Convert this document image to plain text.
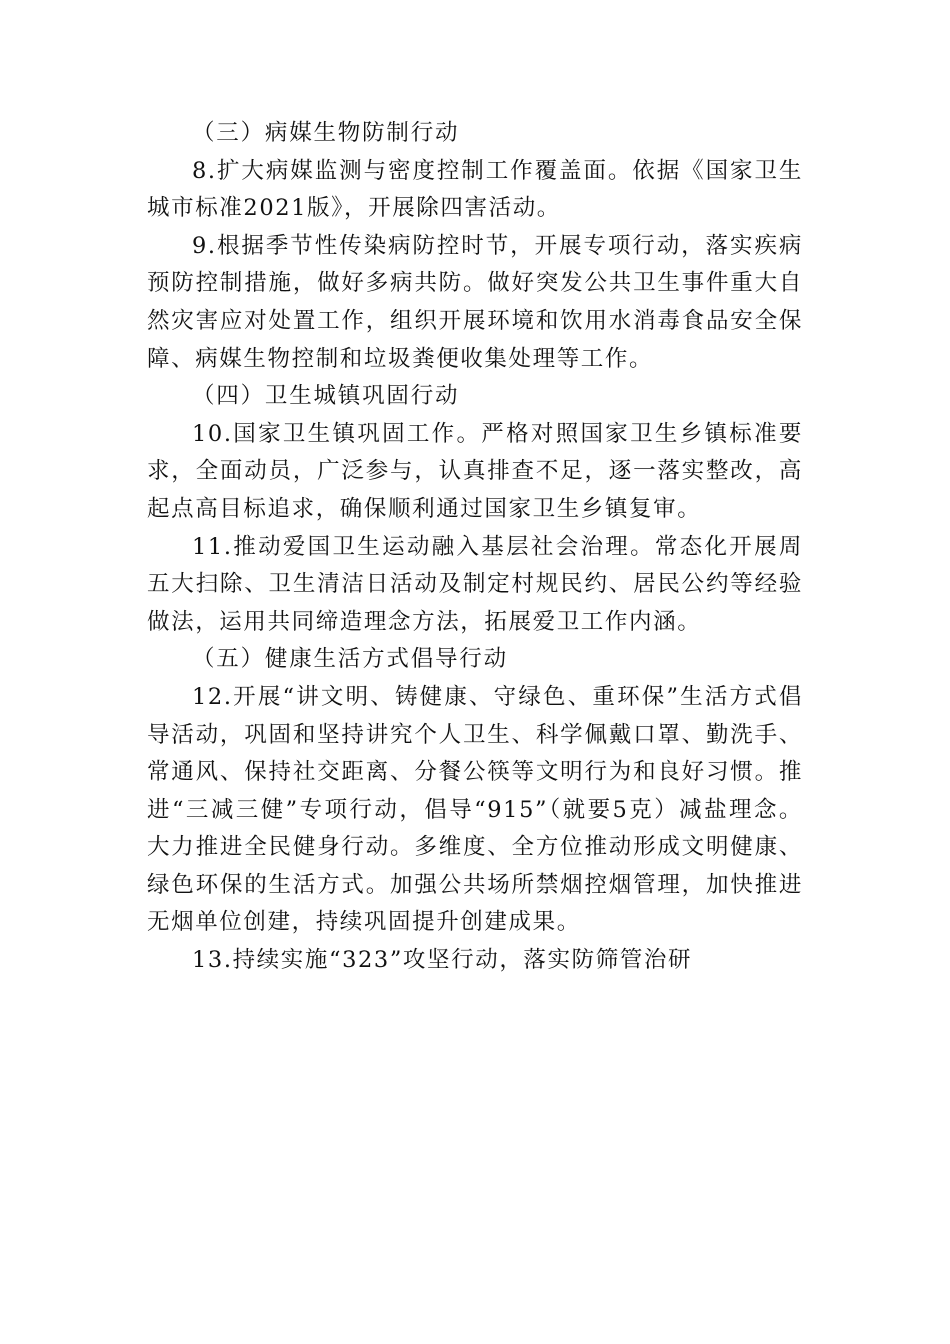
（三）病媒生物防制行动

8.扩大病媒监测与密度控制工作覆盖面。依据《国家卫生城市标准2021版》，开展除四害活动。

9.根据季节性传染病防控时节，开展专项行动，落实疾病预防控制措施，做好多病共防。做好突发公共卫生事件重大自然灾害应对处置工作，组织开展环境和饮用水消毒食品安全保障、病媒生物控制和垃圾粪便收集处理等工作。

（四）卫生城镇巩固行动

10.国家卫生镇巩固工作。严格对照国家卫生乡镇标准要求，全面动员，广泛参与，认真排查不足，逐一落实整改，高起点高目标追求，确保顺利通过国家卫生乡镇复审。

11.推动爱国卫生运动融入基层社会治理。常态化开展周五大扫除、卫生清洁日活动及制定村规民约、居民公约等经验做法，运用共同缔造理念方法，拓展爱卫工作内涵。

（五）健康生活方式倡导行动

12.开展“讲文明、铸健康、守绿色、重环保”生活方式倡导活动，巩固和坚持讲究个人卫生、科学佩戴口罩、勤洗手、常通风、保持社交距离、分餐公筷等文明行为和良好习惯。推进“三减三健”专项行动，倡导“915”（就要5克）减盐理念。大力推进全民健身行动。多维度、全方位推动形成文明健康、绿色环保的生活方式。加强公共场所禁烟控烟管理，加快推进无烟单位创建，持续巩固提升创建成果。

13.持续实施“323”攻坚行动，落实防筛管治研
